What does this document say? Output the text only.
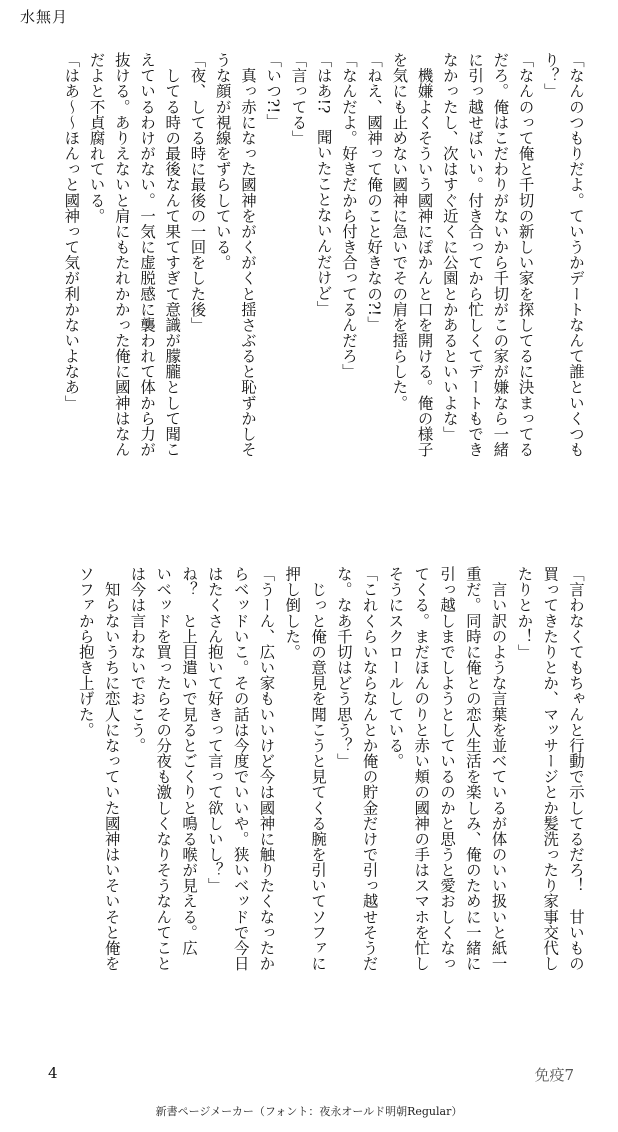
水無月
「なんのつもりだよ。ていうかデートなんて誰といくつも
り？」
「なんのって俺と千切の新しい家を探してるに決まってる
だろ。俺はこだわりがないから千切がこの家が嫌なら一緒
に引っ越せばいい。付き合ってから忙しくてデートもでき
なかったし、次はすぐ近くに公園とかあるといいよな」
　機嫌よくそういう國神にぽかんと口を開ける。俺の様子
を気にも止めない國神に急いでその肩を揺らした。
「ねえ、國神って俺のこと好きなの?!」
「なんだよ。好きだから付き合ってるんだろ」
「はあ!?　聞いたことないんだけど」
「言ってる」
「いつ?!」
　真っ赤になった國神をがくがくと揺さぶると恥ずかしそ
うな顔が視線をずらしている。
「夜、してる時に最後の一回をした後」
　してる時の最後なんて果てすぎて意識が朦朧として聞こ
えているわけがない。一気に虚脱感に襲われて体から力が
抜ける。ありえないと肩にもたれかかった俺に國神はなん
だよと不貞腐れている。
「はあ〜〜ほんっと國神って気が利かないよなあ」
「言わなくてもちゃんと行動で示してるだろ！　甘いもの
買ってきたりとか、マッサージとか髪洗ったり家事交代し
たりとか！」
　言い訳のような言葉を並べているが体のいい扱いと紙一
重だ。同時に俺との恋人生活を楽しみ、俺のために一緒に
引っ越しまでしようとしているのかと思うと愛おしくなっ
てくる。まだほんのりと赤い頬の國神の手はスマホを忙し
そうにスクロールしている。
「これくらいならなんとか俺の貯金だけで引っ越せそうだ
な。なあ千切はどう思う？」
　じっと俺の意見を聞こうと見てくる腕を引いてソファに
押し倒した。
「うーん、広い家もいいけど今は國神に触りたくなったか
らベッドいこ。その話は今度でいいや。狭いベッドで今日
はたくさん抱いて好きって言って欲しいし？」
ね？　と上目遣いで見るとごくりと鳴る喉が見える。広
いベッドを買ったらその分夜も激しくなりそうなんてこと
は今は言わないでおこう。
　知らないうちに恋人になっていた國神はいそいそと俺を
ソファから抱き上げた。
4	免疫7
新書ページメーカー（フォント：夜永オールド明朝Regular）
